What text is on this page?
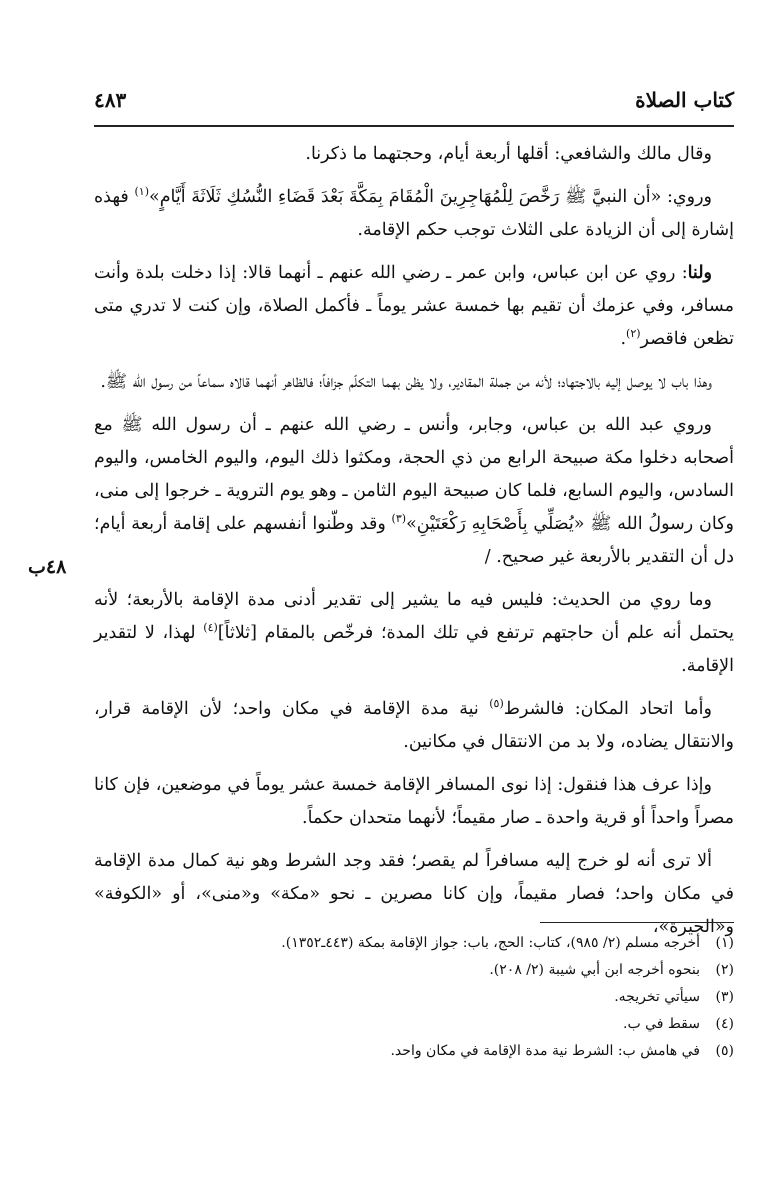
كتاب الصلاة
٤٨٣
٤٨ب

وقال مالك والشافعي: أقلها أربعة أيام، وحجتهما ما ذكرنا.

وروي: «أن النبيَّ ﷺ رَخَّصَ لِلْمُهَاجِرِينَ الْمُقَامَ بِمَكَّةَ بَعْدَ قَضَاءِ النُّسُكِ ثَلَاثَةَ أَيَّامٍ»$^{(١)}$ فهذه إشارة إلى أن الزيادة على الثلاث توجب حكم الإقامة.

ولنا: روي عن ابن عباس، وابن عمر ـ رضي الله عنهم ـ أنهما قالا: إذا دخلت بلدة وأنت مسافر، وفي عزمك أن تقيم بها خمسة عشر يوماً ـ فأكمل الصلاة، وإن كنت لا تدري متى تظعن فاقصر$^{(٢)}$.

وهذا باب لا يوصل إليه بالاجتهاد؛ لأنه من جملة المقادير، ولا يظن بهما التكلّم جزافاً؛ فالظاهر أنهما قالاه سماعاً من رسول الله ﷺ.

وروي عبد الله بن عباس، وجابر، وأنس ـ رضي الله عنهم ـ أن رسول الله ﷺ مع أصحابه دخلوا مكة صبيحة الرابع من ذي الحجة، ومكثوا ذلك اليوم، واليوم الخامس، واليوم السادس، واليوم السابع، فلما كان صبيحة اليوم الثامن ـ وهو يوم التروية ـ خرجوا إلى منى، وكان رسولُ الله ﷺ «يُصَلِّي بِأَصْحَابِهِ رَكْعَتَيْنِ»$^{(٣)}$ وقد وطّنوا أنفسهم على إقامة أربعة أيام؛ دل أن التقدير بالأربعة غير صحيح. /

وما روي من الحديث: فليس فيه ما يشير إلى تقدير أدنى مدة الإقامة بالأربعة؛ لأنه يحتمل أنه علم أن حاجتهم ترتفع في تلك المدة؛ فرخّص بالمقام [ثلاثاً]$^{(٤)}$ لهذا، لا لتقدير الإقامة.

وأما اتحاد المكان: فالشرط$^{(٥)}$ نية مدة الإقامة في مكان واحد؛ لأن الإقامة قرار، والانتقال يضاده، ولا بد من الانتقال في مكانين.

وإذا عرف هذا فنقول: إذا نوى المسافر الإقامة خمسة عشر يوماً في موضعين، فإن كانا مصراً واحداً أو قرية واحدة ـ صار مقيماً؛ لأنهما متحدان حكماً.

ألا ترى أنه لو خرج إليه مسافراً لم يقصر؛ فقد وجد الشرط وهو نية كمال مدة الإقامة في مكان واحد؛ فصار مقيماً، وإن كانا مصرين ـ نحو «مكة» و«منى»، أو «الكوفة» و«الحيرة»،

(١)
أخرجه مسلم (٢/ ٩٨٥)، كتاب: الحج، باب: جواز الإقامة بمكة (٤٤٣ـ١٣٥٢).
(٢)
بنحوه أخرجه ابن أبي شيبة (٢/ ٢٠٨).
(٣)
سيأتي تخريجه.
(٤)
سقط في ب.
(٥)
في هامش ب: الشرط نية مدة الإقامة في مكان واحد.
